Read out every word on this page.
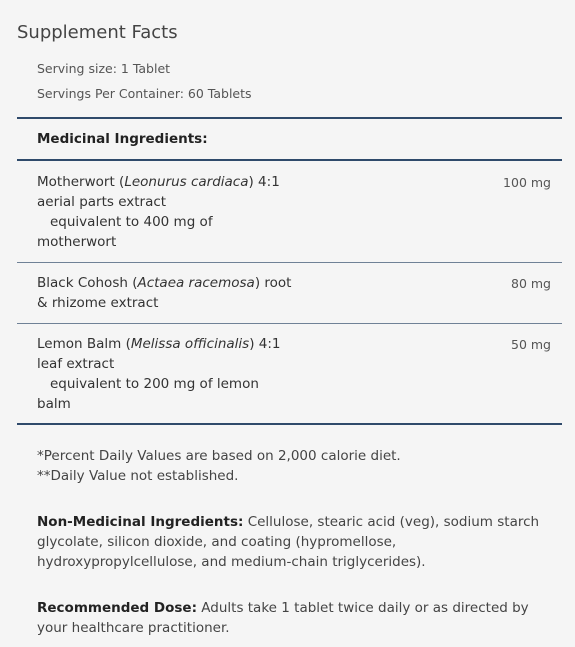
Supplement Facts
Serving size: 1 Tablet
Servings Per Container: 60 Tablets
Medicinal Ingredients:
Motherwort (Leonurus cardiaca) 4:1
aerial parts extract
equivalent to 400 mg of
motherwort
100 mg
Black Cohosh (Actaea racemosa) root
& rhizome extract
80 mg
Lemon Balm (Melissa officinalis) 4:1
leaf extract
equivalent to 200 mg of lemon
balm
50 mg
*Percent Daily Values are based on 2,000 calorie diet.
**Daily Value not established.
Non-Medicinal Ingredients: Cellulose, stearic acid (veg), sodium starch glycolate, silicon dioxide, and coating (hypromellose, hydroxypropylcellulose, and medium-chain triglycerides).
Recommended Dose: Adults take 1 tablet twice daily or as directed by your healthcare practitioner.
